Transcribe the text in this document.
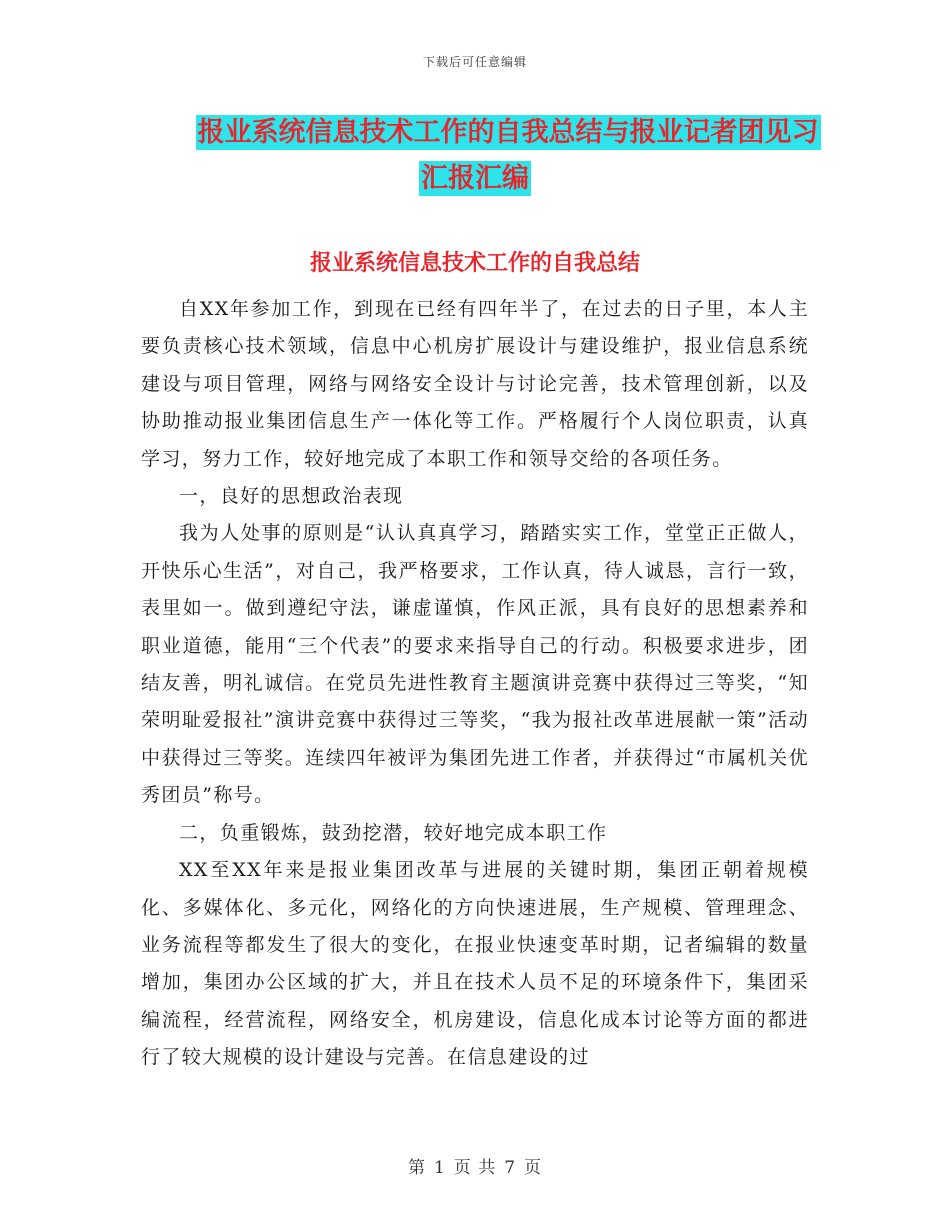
下载后可任意编辑
报业系统信息技术工作的自我总结与报业记者团见习
汇报汇编
报业系统信息技术工作的自我总结

自XX年参加工作，到现在已经有四年半了，在过去的日子里，本人主要负责核心技术领域，信息中心机房扩展设计与建设维护，报业信息系统建设与项目管理，网络与网络安全设计与讨论完善，技术管理创新，以及协助推动报业集团信息生产一体化等工作。严格履行个人岗位职责，认真学习，努力工作，较好地完成了本职工作和领导交给的各项任务。

一，良好的思想政治表现

我为人处事的原则是“认认真真学习，踏踏实实工作，堂堂正正做人，开快乐心生活”，对自己，我严格要求，工作认真，待人诚恳，言行一致，表里如一。做到遵纪守法，谦虚谨慎，作风正派，具有良好的思想素养和职业道德，能用“三个代表”的要求来指导自己的行动。积极要求进步，团结友善，明礼诚信。在党员先进性教育主题演讲竞赛中获得过三等奖，“知荣明耻爱报社”演讲竞赛中获得过三等奖，“我为报社改革进展献一策”活动中获得过三等奖。连续四年被评为集团先进工作者，并获得过“市属机关优秀团员”称号。

二，负重锻炼，鼓劲挖潜，较好地完成本职工作

XX至XX年来是报业集团改革与进展的关键时期，集团正朝着规模化、多媒体化、多元化，网络化的方向快速进展，生产规模、管理理念、业务流程等都发生了很大的变化，在报业快速变革时期，记者编辑的数量增加，集团办公区域的扩大，并且在技术人员不足的环境条件下，集团采编流程，经营流程，网络安全，机房建设，信息化成本讨论等方面的都进行了较大规模的设计建设与完善。在信息建设的过

第 1 页 共 7 页
